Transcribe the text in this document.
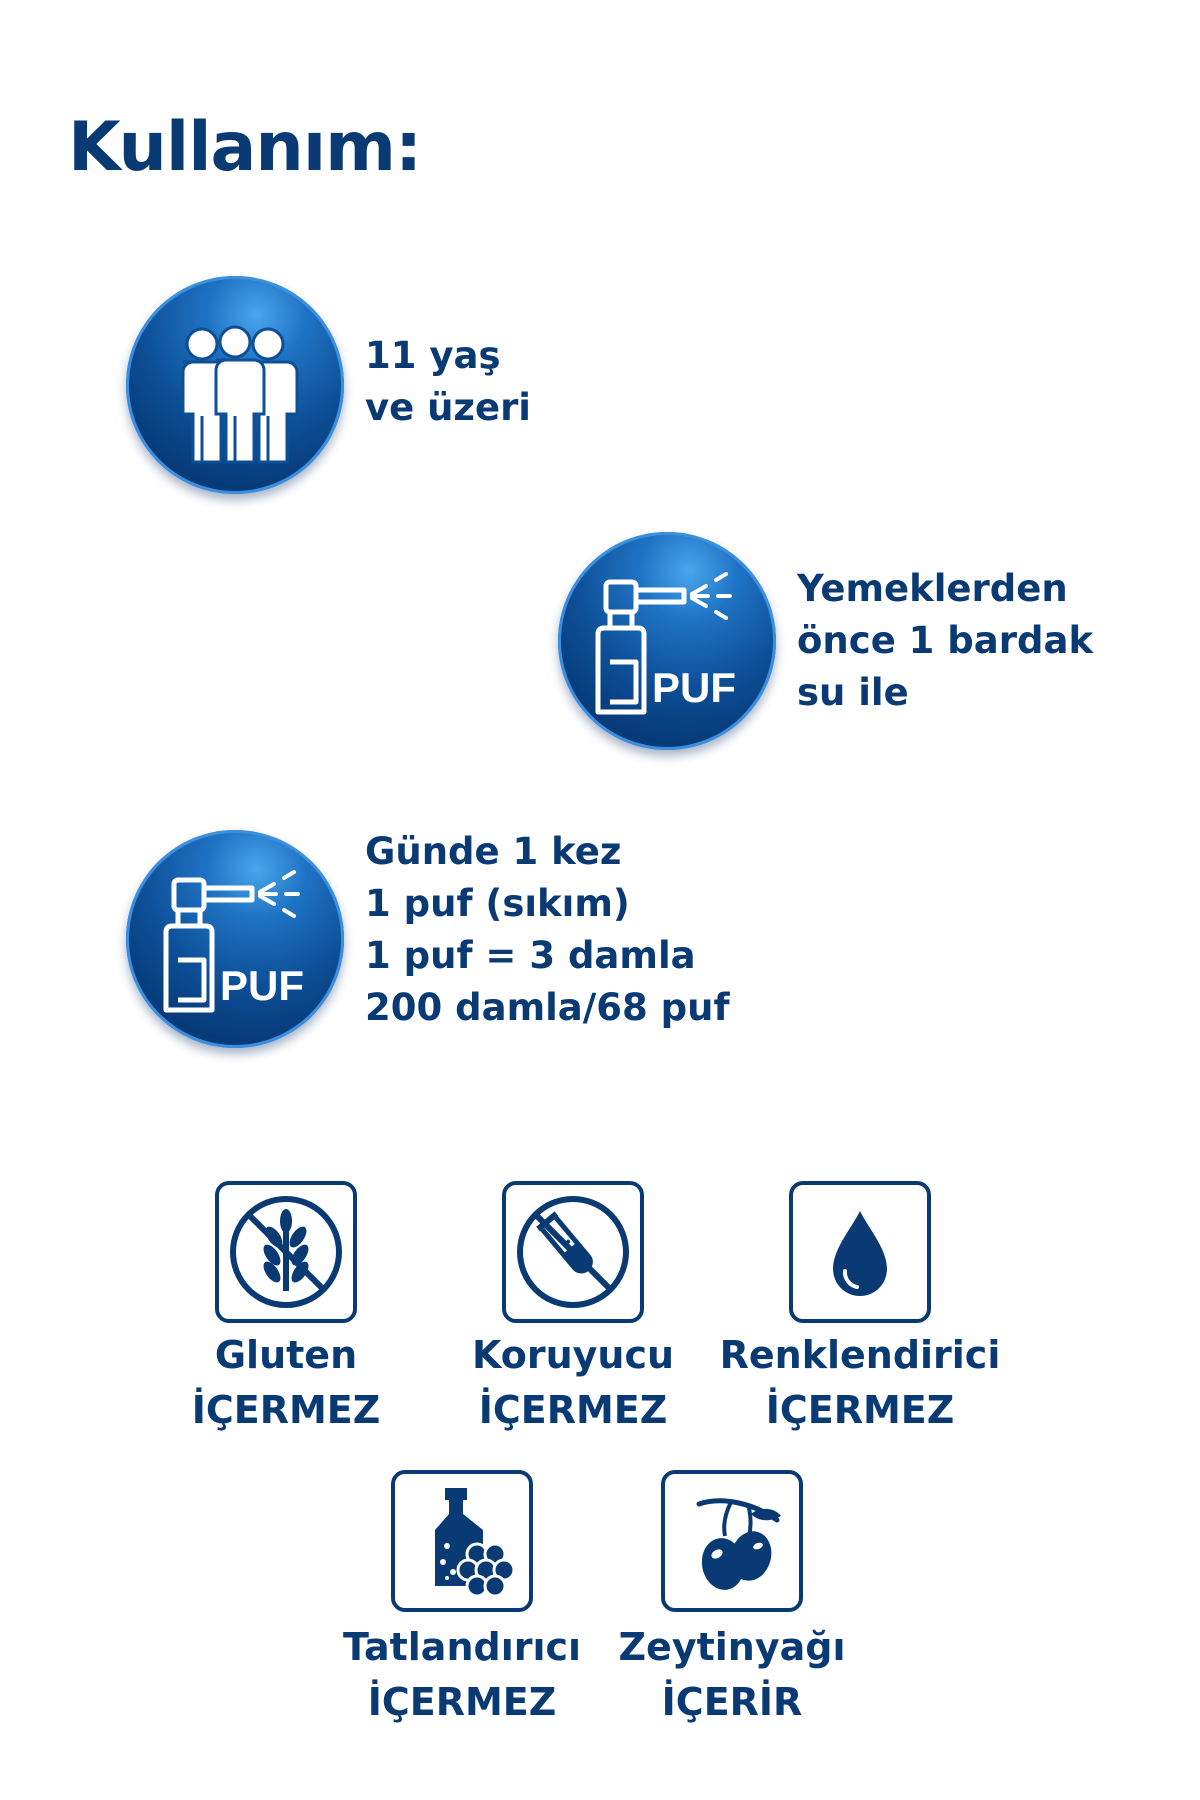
Kullanım:
11 yaş
ve üzeri
PUF
Yemeklerden
önce 1 bardak
su ile
PUF
Günde 1 kez
1 puf (sıkım)
1 puf = 3 damla
200 damla/68 puf
Gluten
İÇERMEZ
Koruyucu
İÇERMEZ
Renklendirici
İÇERMEZ
Tatlandırıcı
İÇERMEZ
Zeytinyağı
İÇERİR
